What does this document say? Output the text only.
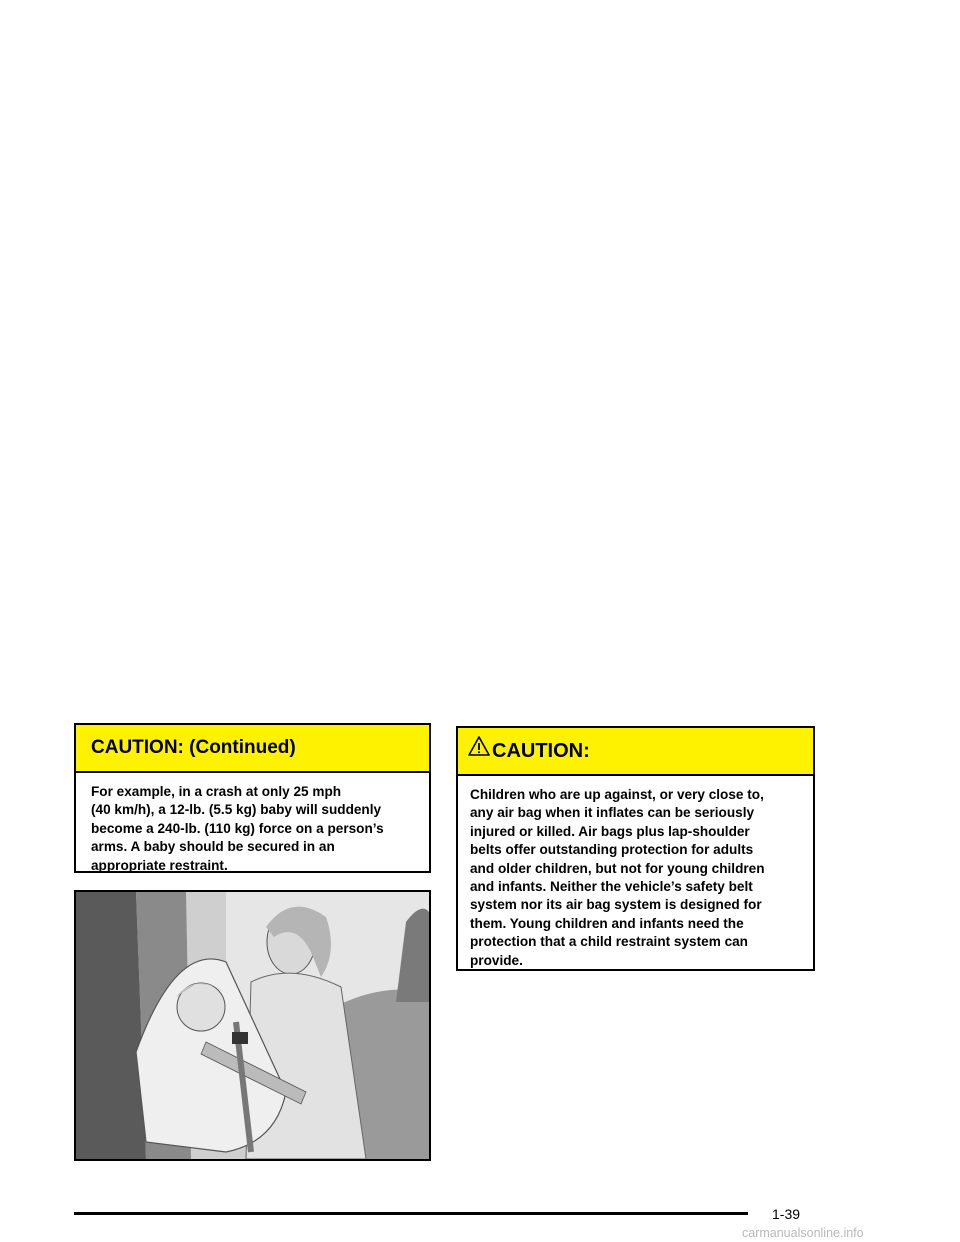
CAUTION: (Continued)
For example, in a crash at only 25 mph
(40 km/h), a 12-lb. (5.5 kg) baby will suddenly
become a 240-lb. (110 kg) force on a person’s
arms. A baby should be secured in an
appropriate restraint.
CAUTION:
Children who are up against, or very close to,
any air bag when it inflates can be seriously
injured or killed. Air bags plus lap-shoulder
belts offer outstanding protection for adults
and older children, but not for young children
and infants. Neither the vehicle’s safety belt
system nor its air bag system is designed for
them. Young children and infants need the
protection that a child restraint system can
provide.
1-39
carmanualsonline.info
